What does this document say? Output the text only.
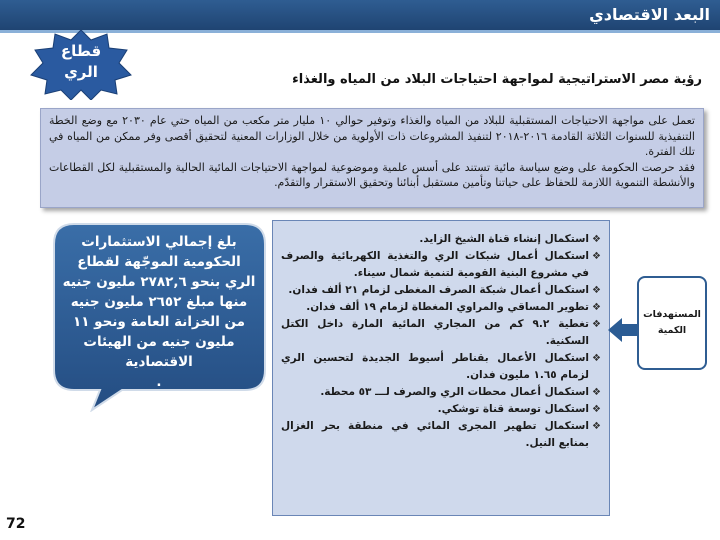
البعد الاقتصادي
قطاع
الري	رؤية مصر الاستراتيجية لمواجهة احتياجات البلاد من المياه والغذاء

تعمل على مواجهة الاحتياجات المستقبلية للبلاد من المياه والغذاء وتوفير حوالي ١٠ مليار متر مكعب من المياه حتي عام ٢٠٣٠ مع وضع الخطة التنفيذية للسنوات الثلاثة القادمة ٢٠١٦-٢٠١٨ لتنفيذ المشروعات ذات الأولوية من خلال الوزارات المعنية لتحقيق أقصى وفر ممكن من المياه في تلك الفترة.

فقد حرصت الحكومة على وضع سياسة مائية تستند على أسس علمية وموضوعية لمواجهة الاحتياجات المائية الحالية والمستقبلية لكل القطاعات والأنشطة التنموية اللازمة للحفاظ على حياتنا وتأمين مستقبل أبنائنا وتحقيق الاستقرار والتقدّم.

بلغ إجمالي الاستثمارات الحكومية الموجّهة لقطاع الري بنحو ٢٧٨٢,٦ مليون جنيه منها مبلغ ٢٦٥٢ مليون جنيه من الخزانة العامة ونحو ١١ مليون جنيه من الهيئات الاقتصادية
.
❖
استكمال إنشاء قناة الشيخ الزايد.
❖
استكمال أعمال شبكات الري والتغذية الكهربائية والصرف في مشروع البنية القومية لتنمية شمال سيناء.
❖
استكمال أعمال شبكة الصرف المغطى لزمام ٢١ ألف فدان.
❖
تطوير المساقي والمراوي المغطاة لزمام ١٩ ألف فدان.
❖
تغطية ٩.٢ كم من المجاري المائية المارة داخل الكتل السكنية.
❖
استكمال الأعمال بقناطر أسيوط الجديدة لتحسين الري لزمام ١.٦٥ مليون فدان.
❖
استكمال أعمال محطات الري والصرف لـــ ٥٣ محطة.
❖
استكمال توسعة قناة توشكي.
❖
استكمال تطهير المجرى المائي في منطقة بحر الغزال بمنابع النيل.
المستهدفات
الكمية
72
